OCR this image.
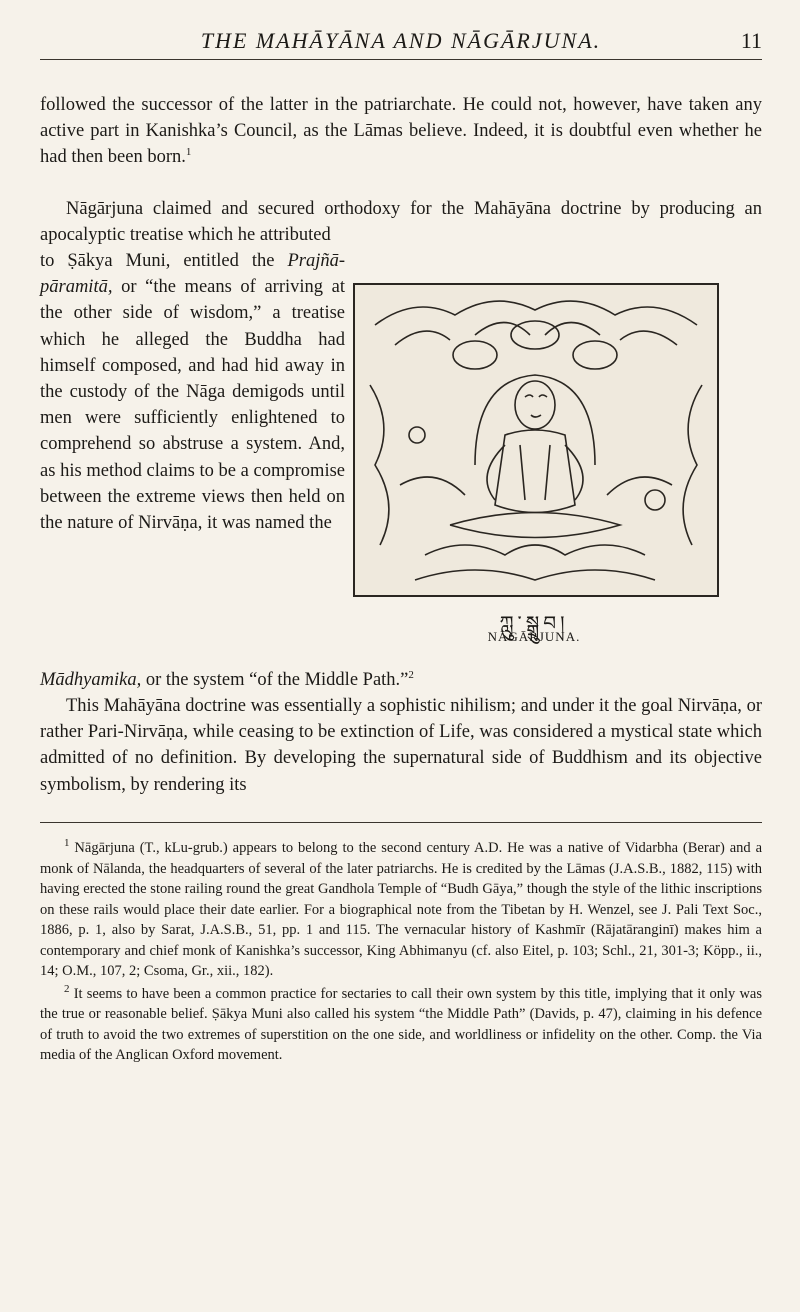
THE MAHĀYĀNA AND NĀGĀRJUNA.	11

followed the successor of the latter in the patriarchate. He could not, however, have taken any active part in Kanishka’s Council, as the Lāmas believe. Indeed, it is doubtful even whether he had then been born.$^1$

Nāgārjuna claimed and secured orthodoxy for the Mahāyāna doctrine by producing an apocalyptic treatise which he attributed

to Ṣākya Muni, entitled the Prajñā-pāramitā, or “the means of arriving at the other side of wisdom,” a treatise which he alleged the Buddha had himself composed, and had hid away in the custody of the Nāga demigods until men were sufficiently enlightened to comprehend so abstruse a system. And, as his method claims to be a compromise between the extreme views then held on the nature of Nirvāṇa, it was named the

Mādhyamika, or the system “of the Middle Path.”$^2$

This Mahāyāna doctrine was essentially a sophistic nihilism; and under it the goal Nirvāṇa, or rather Pari-Nirvāṇa, while ceasing to be extinction of Life, was considered a mystical state which admitted of no definition. By developing the supernatural side of Buddhism and its objective symbolism, by rendering its

ཀླུ་སྒྲུབ།
NĀGĀRJUNA.

$^1$ Nāgārjuna (T., kLu-grub.) appears to belong to the second century A.D. He was a native of Vidarbha (Berar) and a monk of Nālanda, the headquarters of several of the later patriarchs. He is credited by the Lāmas (J.A.S.B., 1882, 115) with having erected the stone railing round the great Gandhola Temple of “Budh Gāya,” though the style of the lithic inscriptions on these rails would place their date earlier. For a biographical note from the Tibetan by H. Wenzel, see J. Pali Text Soc., 1886, p. 1, also by Sarat, J.A.S.B., 51, pp. 1 and 115. The vernacular history of Kashmīr (Rājatāranginī) makes him a contemporary and chief monk of Kanishka’s successor, King Abhimanyu (cf. also Eitel, p. 103; Schl., 21, 301-3; Köpp., ii., 14; O.M., 107, 2; Csoma, Gr., xii., 182).

$^2$ It seems to have been a common practice for sectaries to call their own system by this title, implying that it only was the true or reasonable belief. Ṣākya Muni also called his system “the Middle Path” (Davids, p. 47), claiming in his defence of truth to avoid the two extremes of superstition on the one side, and worldliness or infidelity on the other. Comp. the Via media of the Anglican Oxford movement.
